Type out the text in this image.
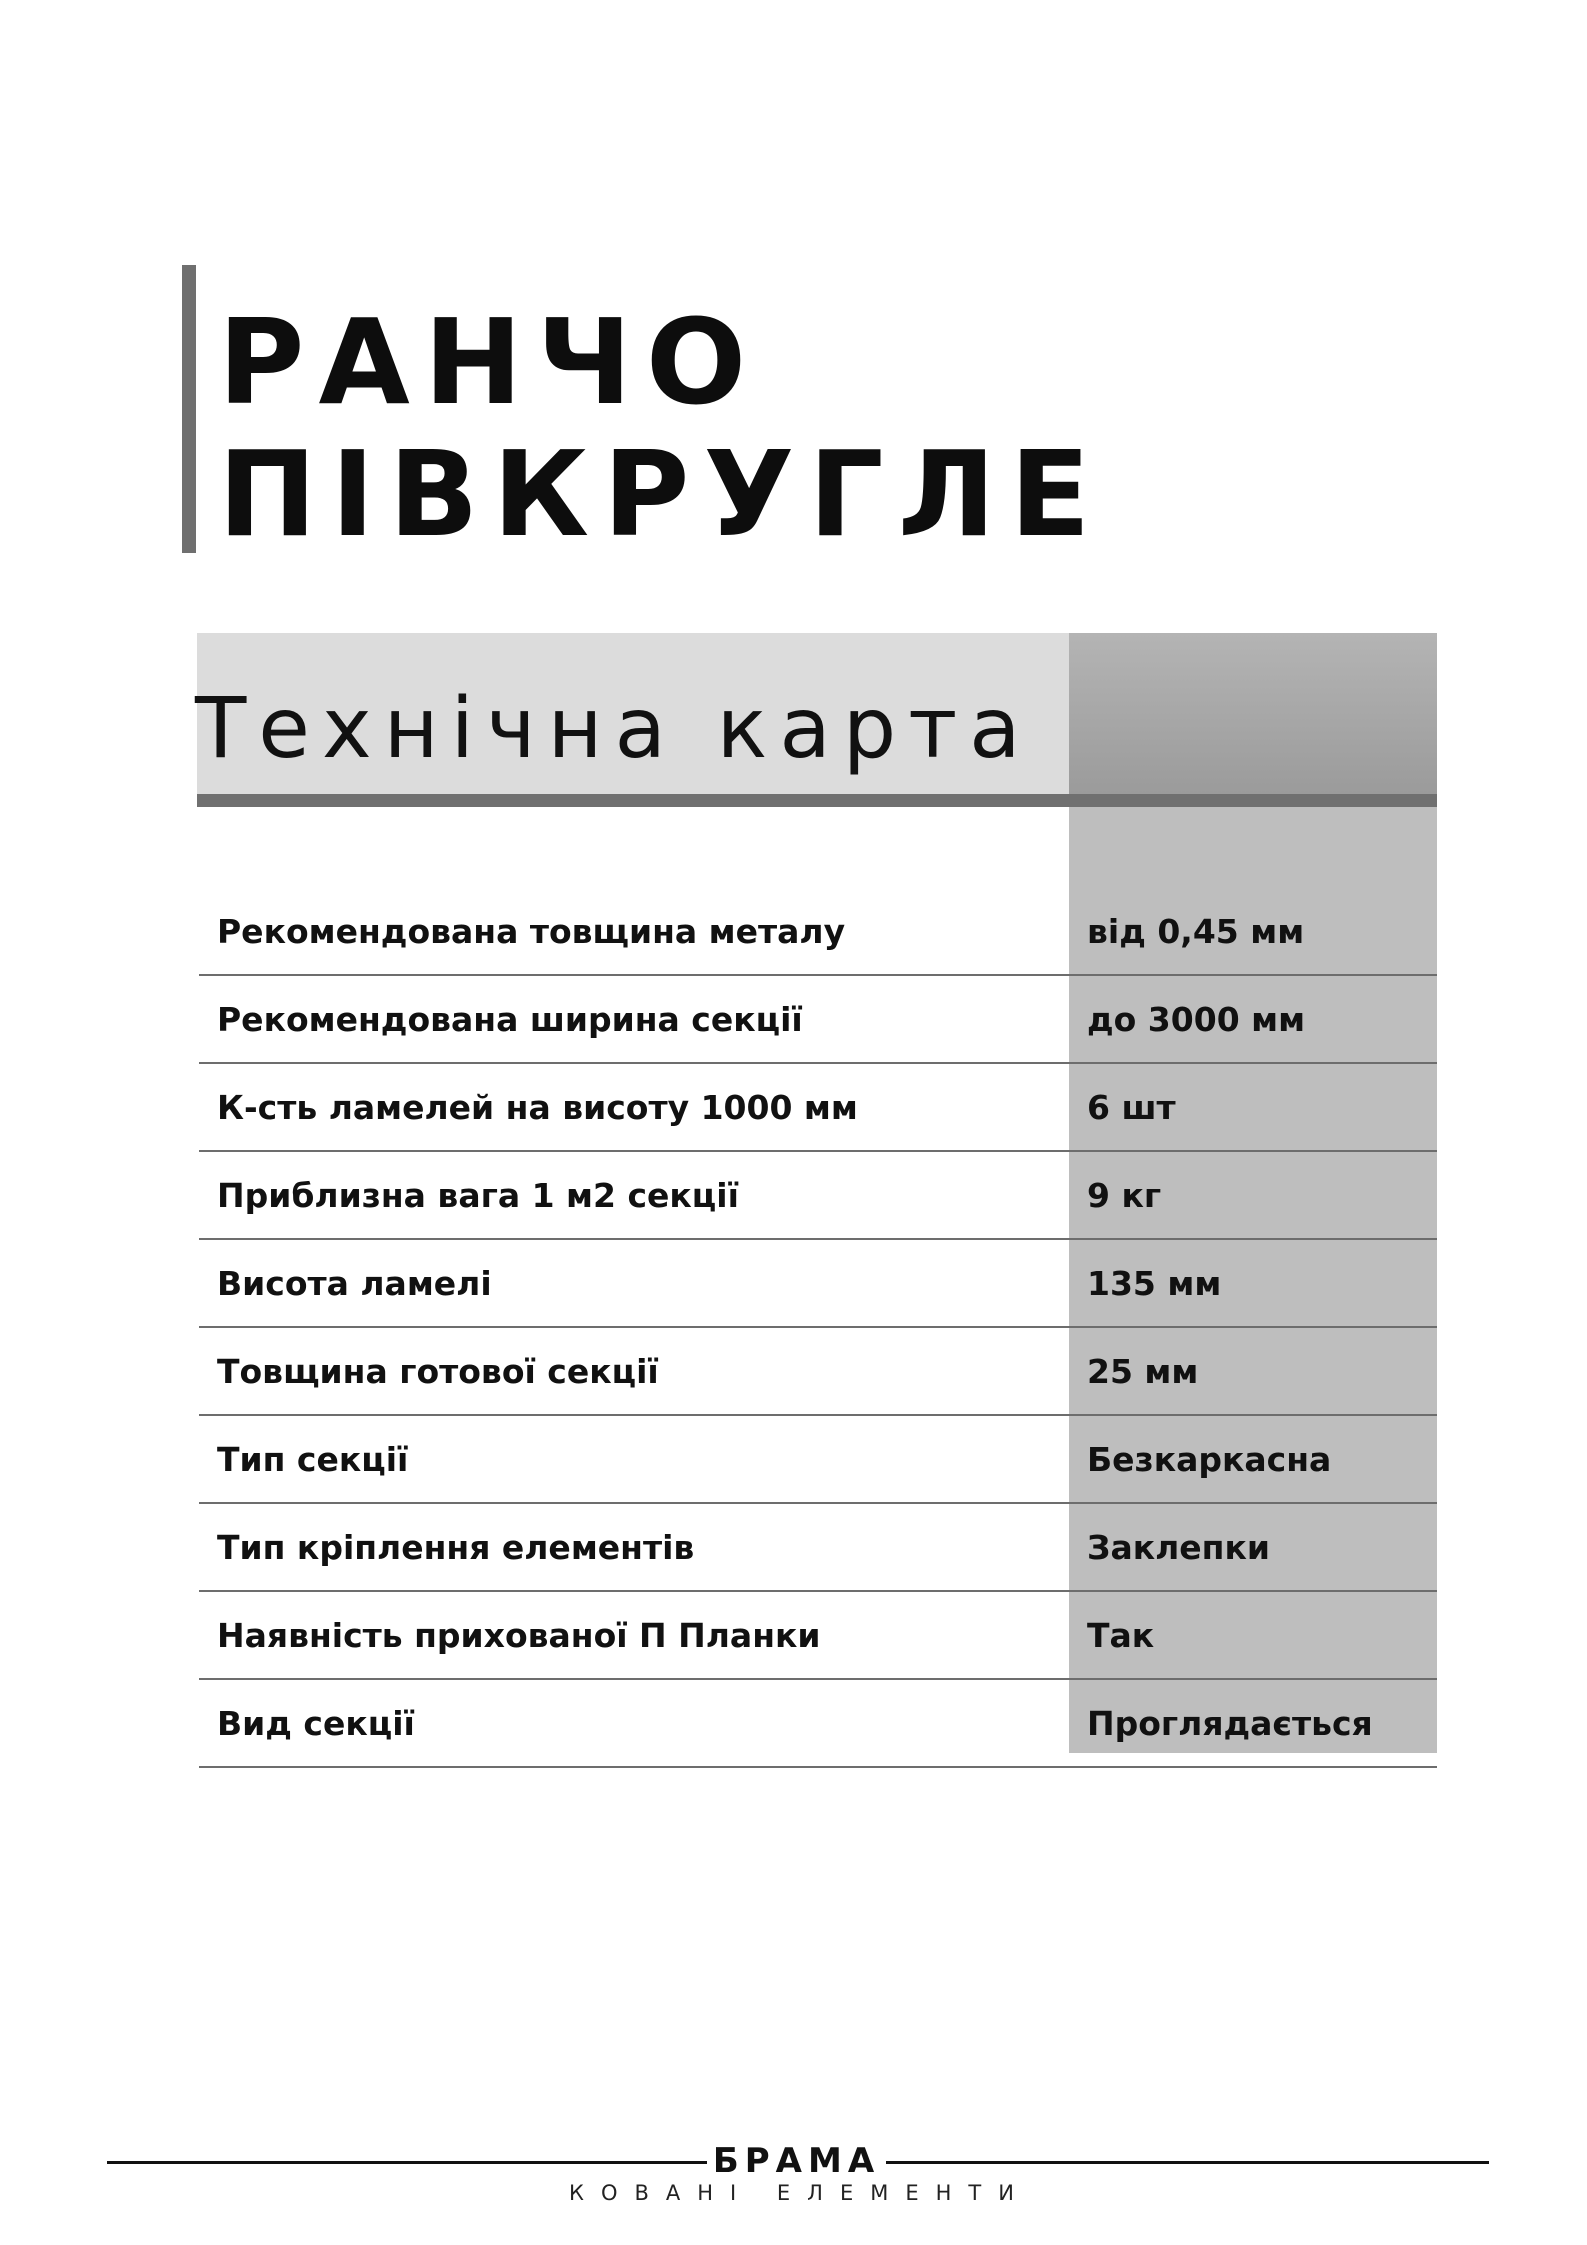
РАНЧО
ПІВКРУГЛЕ
Технічна карта
Рекомендована товщина металу	від 0,45 мм
Рекомендована ширина секції	до 3000 мм
К-сть ламелей на висоту 1000 мм	6 шт
Приблизна вага 1 м2 секції	9 кг
Висота ламелі	135 мм
Товщина готової секції	25 мм
Тип секції	Безкаркасна
Тип кріплення елементів	Заклепки
Наявність прихованої П Планки	Так
Вид секції	Проглядається
БРАМА
КОВАНІ ЕЛЕМЕНТИ
